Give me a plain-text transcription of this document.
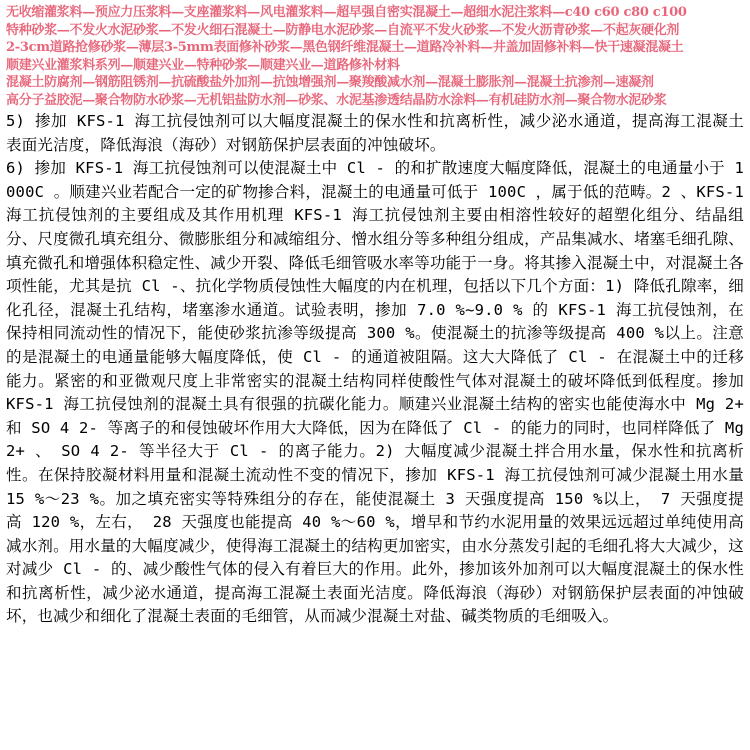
无收缩灌浆料—预应力压浆料—支座灌浆料—风电灌浆料—超早强自密实混凝土—超细水泥注浆料—c40 c60 c80 c100
特种砂浆—不发火水泥砂浆—不发火细石混凝土—防静电水泥砂浆—自流平不发火砂浆—不发火沥青砂浆—不起灰硬化剂
2-3cm道路抢修砂浆—薄层3-5mm表面修补砂浆—黑色钢纤维混凝土—道路冷补料—井盖加固修补料—快干速凝混凝土
顺建兴业灌浆料系列—顺建兴业—特种砂浆—顺建兴业—道路修补材料
混凝土防腐剂—钢筋阻锈剂—抗硫酸盐外加剂—抗蚀增强剂—聚羧酸减水剂—混凝土膨胀剂—混凝土抗渗剂—速凝剂
高分子益胶泥—聚合物防水砂浆—无机铝盐防水剂—砂浆、水泥基渗透结晶防水涂料—有机硅防水剂—聚合物水泥砂浆

5) 掺加 KFS-1 海工抗侵蚀剂可以大幅度混凝土的保水性和抗离析性，减少泌水通道，提高海工混凝土表面光洁度，降低海浪（海砂）对钢筋保护层表面的冲蚀破坏。

6) 掺加 KFS-1 海工抗侵蚀剂可以使混凝土中 Cl - 的和扩散速度大幅度降低，混凝土的电通量小于 1000C 。顺建兴业若配合一定的矿物掺合料，混凝土的电通量可低于 100C ，属于低的范畴。2 、KFS-1 海工抗侵蚀剂的主要组成及其作用机理 KFS-1 海工抗侵蚀剂主要由相溶性较好的超塑化组分、结晶组分、尺度微孔填充组分、微膨胀组分和减缩组分、憎水组分等多种组分组成，产品集减水、堵塞毛细孔隙、填充微孔和增强体积稳定性、减少开裂、降低毛细管吸水率等功能于一身。将其掺入混凝土中，对混凝土各项性能，尤其是抗 Cl -、抗化学物质侵蚀性大幅度的内在机理，包括以下几个方面：1) 降低孔隙率，细化孔径，混凝土孔结构，堵塞渗水通道。试验表明，掺加 7.0 %~9.0 % 的 KFS-1 海工抗侵蚀剂，在保持相同流动性的情况下，能使砂浆抗渗等级提高 300 %。使混凝土的抗渗等级提高 400 %以上。注意的是混凝土的电通量能够大幅度降低，使 Cl - 的通道被阻隔。这大大降低了 Cl - 在混凝土中的迁移能力。紧密的和亚微观尺度上非常密实的混凝土结构同样使酸性气体对混凝土的破坏降低到低程度。掺加 KFS-1 海工抗侵蚀剂的混凝土具有很强的抗碳化能力。顺建兴业混凝土结构的密实也能使海水中 Mg 2+ 和 SO 4 2- 等离子的和侵蚀破坏作用大大降低，因为在降低了 Cl - 的能力的同时，也同样降低了 Mg 2+ 、 SO 4 2- 等半径大于 Cl - 的离子能力。2) 大幅度减少混凝土拌合用水量，保水性和抗离析性。在保持胶凝材料用量和混凝土流动性不变的情况下，掺加 KFS-1 海工抗侵蚀剂可减少混凝土用水量 15 %～23 %。加之填充密实等特殊组分的存在，能使混凝土 3 天强度提高 150 %以上， 7 天强度提高 120 %，左右， 28 天强度也能提高 40 %～60 %，增早和节约水泥用量的效果远远超过单纯使用高减水剂。用水量的大幅度减少，使得海工混凝土的结构更加密实，由水分蒸发引起的毛细孔将大大减少，这对减少 Cl - 的、减少酸性气体的侵入有着巨大的作用。此外，掺加该外加剂可以大幅度混凝土的保水性和抗离析性，减少泌水通道，提高海工混凝土表面光洁度。降低海浪（海砂）对钢筋保护层表面的冲蚀破坏，也减少和细化了混凝土表面的毛细管，从而减少混凝土对盐、碱类物质的毛细吸入。
